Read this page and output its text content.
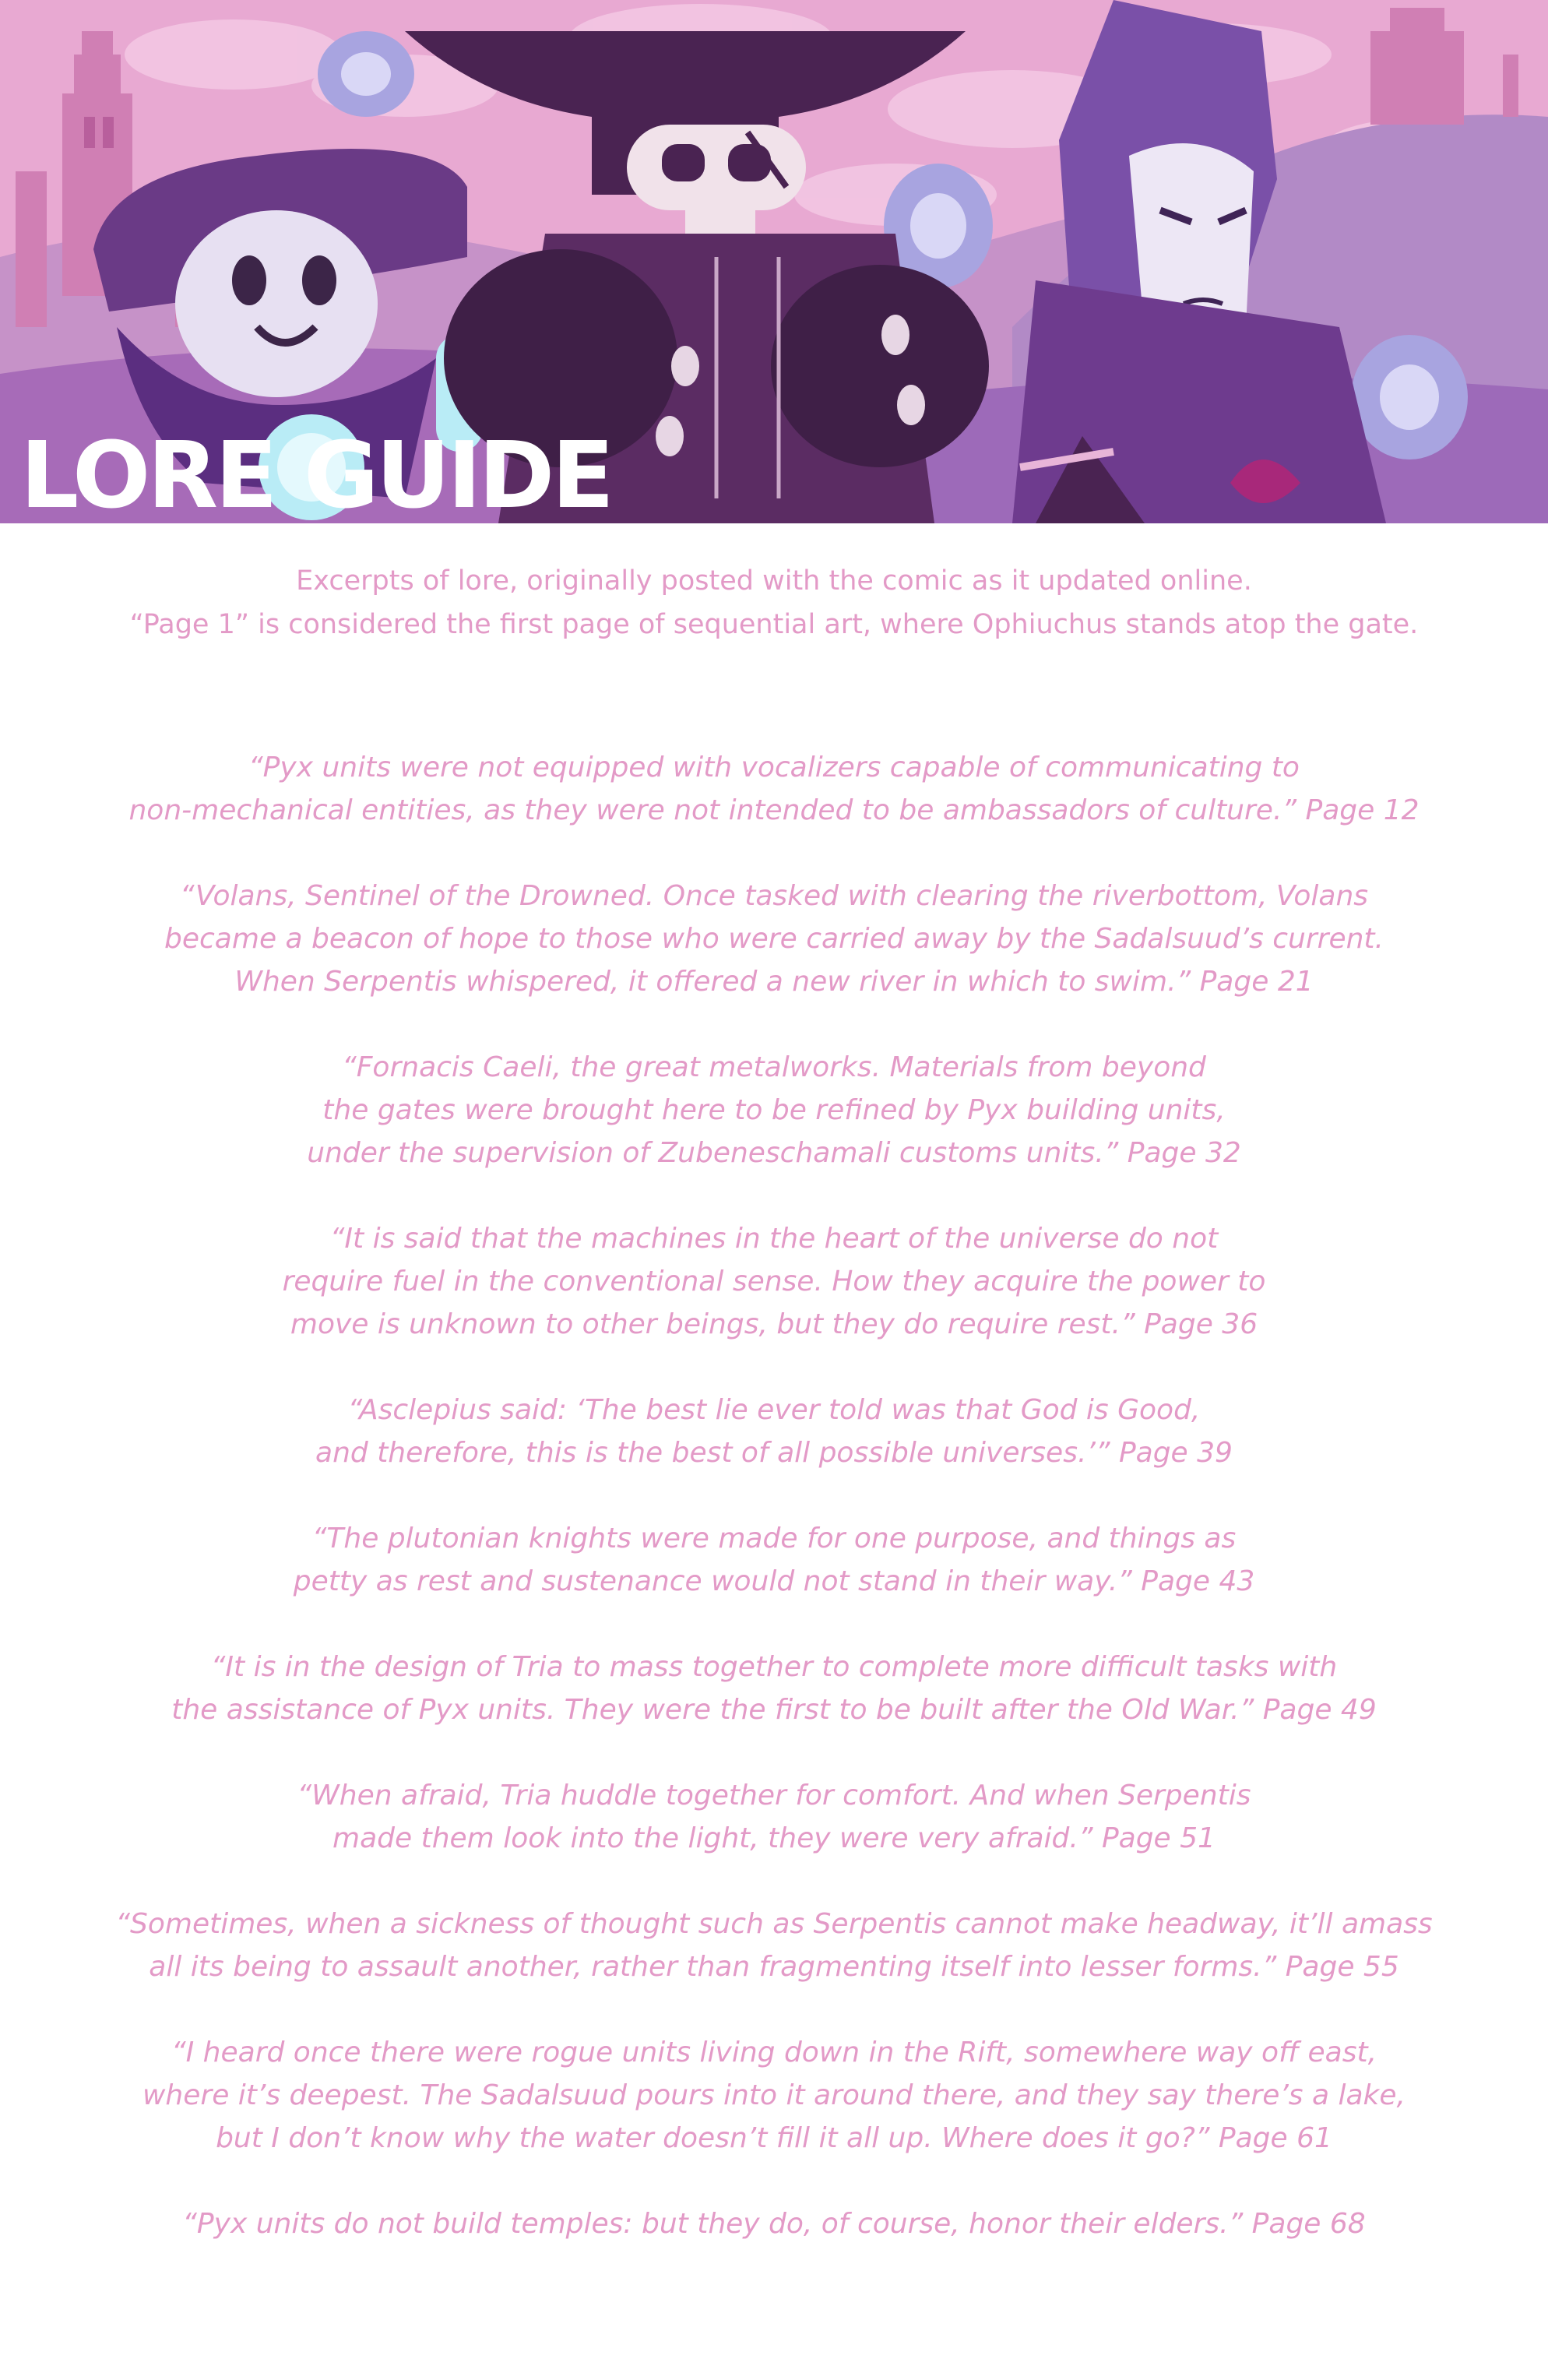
LORE GUIDE
Excerpts of lore, originally posted with the comic as it updated online.
“Page 1” is considered the first page of sequential art, where Ophiuchus stands atop the gate.
“Pyx units were not equipped with vocalizers capable of communicating to
non-mechanical entities, as they were not intended to be ambassadors of culture.” Page 12
“Volans, Sentinel of the Drowned. Once tasked with clearing the riverbottom, Volans
became a beacon of hope to those who were carried away by the Sadalsuud’s current.
When Serpentis whispered, it offered a new river in which to swim.” Page 21
“Fornacis Caeli, the great metalworks. Materials from beyond
the gates were brought here to be refined by Pyx building units,
under the supervision of Zubeneschamali customs units.” Page 32
“It is said that the machines in the heart of the universe do not
require fuel in the conventional sense. How they acquire the power to
move is unknown to other beings, but they do require rest.” Page 36
“Asclepius said: ‘The best lie ever told was that God is Good,
and therefore, this is the best of all possible universes.’” Page 39
“The plutonian knights were made for one purpose, and things as
petty as rest and sustenance would not stand in their way.” Page 43
“It is in the design of Tria to mass together to complete more difficult tasks with
the assistance of Pyx units. They were the first to be built after the Old War.” Page 49
“When afraid, Tria huddle together for comfort. And when Serpentis
made them look into the light, they were very afraid.” Page 51
“Sometimes, when a sickness of thought such as Serpentis cannot make headway, it’ll amass
all its being to assault another, rather than fragmenting itself into lesser forms.” Page 55
“I heard once there were rogue units living down in the Rift, somewhere way off east,
where it’s deepest. The Sadalsuud pours into it around there, and they say there’s a lake,
but I don’t know why the water doesn’t fill it all up. Where does it go?” Page 61
“Pyx units do not build temples: but they do, of course, honor their elders.” Page 68
